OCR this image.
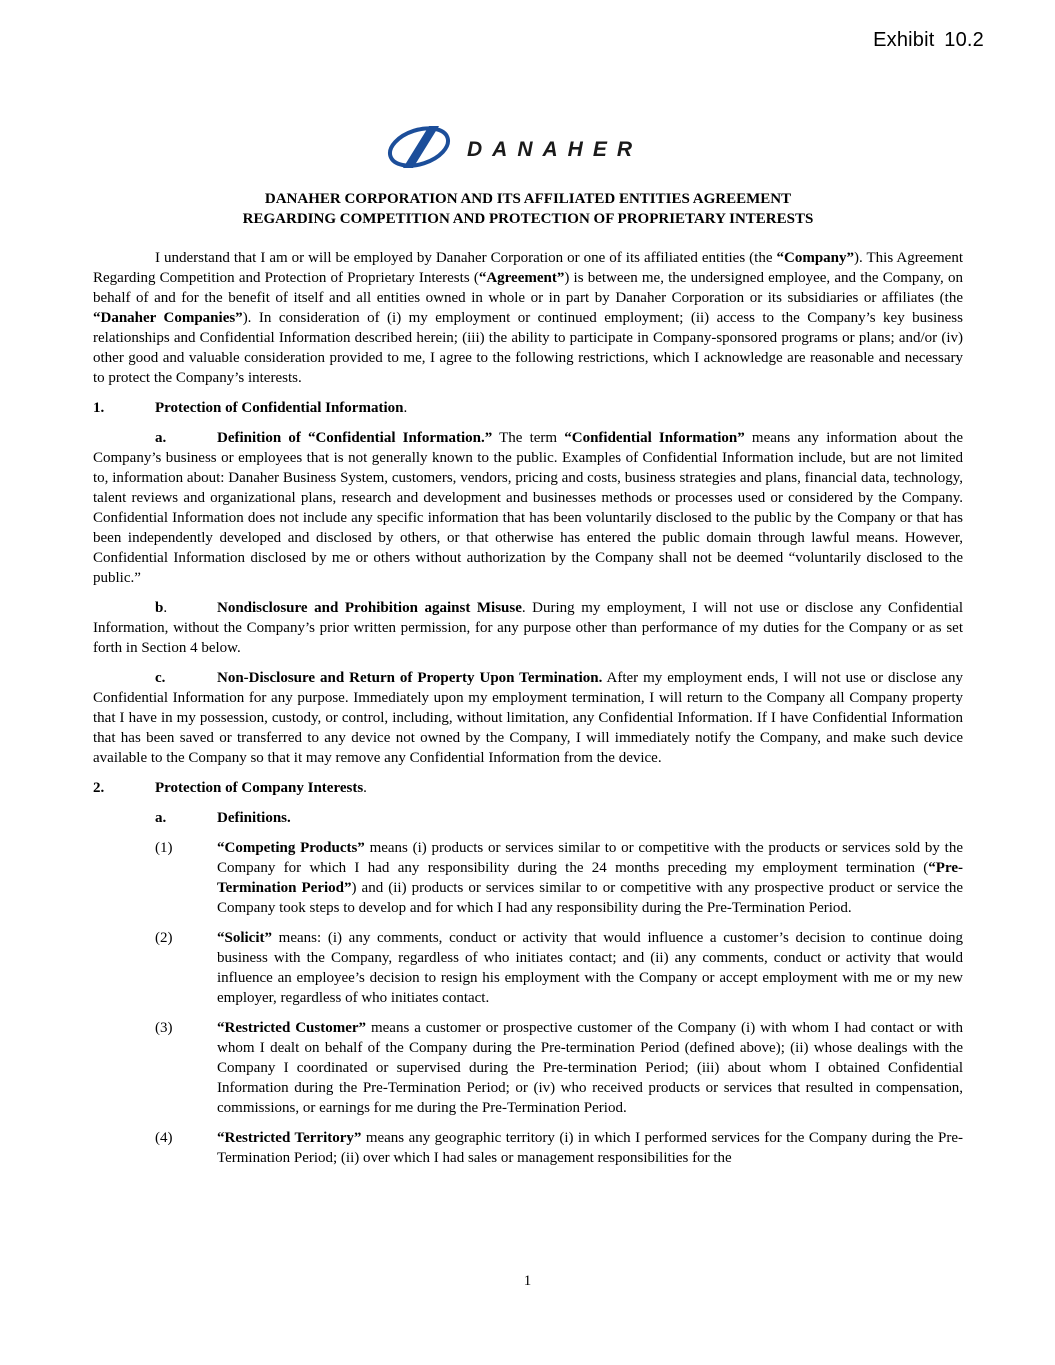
Exhibit 10.2
DANAHER
DANAHER CORPORATION AND ITS AFFILIATED ENTITIES AGREEMENT
REGARDING COMPETITION AND PROTECTION OF PROPRIETARY INTERESTS

I understand that I am or will be employed by Danaher Corporation or one of its affiliated entities (the “Company”). This Agreement Regarding Competition and Protection of Proprietary Interests (“Agreement”) is between me, the undersigned employee, and the Company, on behalf of and for the benefit of itself and all entities owned in whole or in part by Danaher Corporation or its subsidiaries or affiliates (the “Danaher Companies”). In consideration of (i) my employment or continued employment; (ii) access to the Company’s key business relationships and Confidential Information described herein; (iii) the ability to participate in Company-sponsored programs or plans; and/or (iv) other good and valuable consideration provided to me, I agree to the following restrictions, which I acknowledge are reasonable and necessary to protect the Company’s interests.

1.	Protection of Confidential Information.

a.	Definition of “Confidential Information.” The term “Confidential Information” means any information about the Company’s business or employees that is not generally known to the public. Examples of Confidential Information include, but are not limited to, information about: Danaher Business System, customers, vendors, pricing and costs, business strategies and plans, financial data, technology, talent reviews and organizational plans, research and development and businesses methods or processes used or considered by the Company. Confidential Information does not include any specific information that has been voluntarily disclosed to the public by the Company or that has been independently developed and disclosed by others, or that otherwise has entered the public domain through lawful means. However, Confidential Information disclosed by me or others without authorization by the Company shall not be deemed “voluntarily disclosed to the public.”

b.	Nondisclosure and Prohibition against Misuse. During my employment, I will not use or disclose any Confidential Information, without the Company’s prior written permission, for any purpose other than performance of my duties for the Company or as set forth in Section 4 below.

c.	Non-Disclosure and Return of Property Upon Termination. After my employment ends, I will not use or disclose any Confidential Information for any purpose. Immediately upon my employment termination, I will return to the Company all Company property that I have in my possession, custody, or control, including, without limitation, any Confidential Information. If I have Confidential Information that has been saved or transferred to any device not owned by the Company, I will immediately notify the Company, and make such device available to the Company so that it may remove any Confidential Information from the device.

2.	Protection of Company Interests.
a.	Definitions.
(1)	“Competing Products” means (i) products or services similar to or competitive with the products or services sold by the Company for which I had any responsibility during the 24 months preceding my employment termination (“Pre-Termination Period”) and (ii) products or services similar to or competitive with any prospective product or service the Company took steps to develop and for which I had any responsibility during the Pre-Termination Period.
(2)	“Solicit” means: (i) any comments, conduct or activity that would influence a customer’s decision to continue doing business with the Company, regardless of who initiates contact; and (ii) any comments, conduct or activity that would influence an employee’s decision to resign his employment with the Company or accept employment with me or my new employer, regardless of who initiates contact.
(3)	“Restricted Customer” means a customer or prospective customer of the Company (i) with whom I had contact or with whom I dealt on behalf of the Company during the Pre-termination Period (defined above); (ii) whose dealings with the Company I coordinated or supervised during the Pre-termination Period; (iii) about whom I obtained Confidential Information during the Pre-Termination Period; or (iv) who received products or services that resulted in compensation, commissions, or earnings for me during the Pre-Termination Period.
(4)	“Restricted Territory” means any geographic territory (i) in which I performed services for the Company during the Pre-Termination Period; (ii) over which I had sales or management responsibilities for the
1
